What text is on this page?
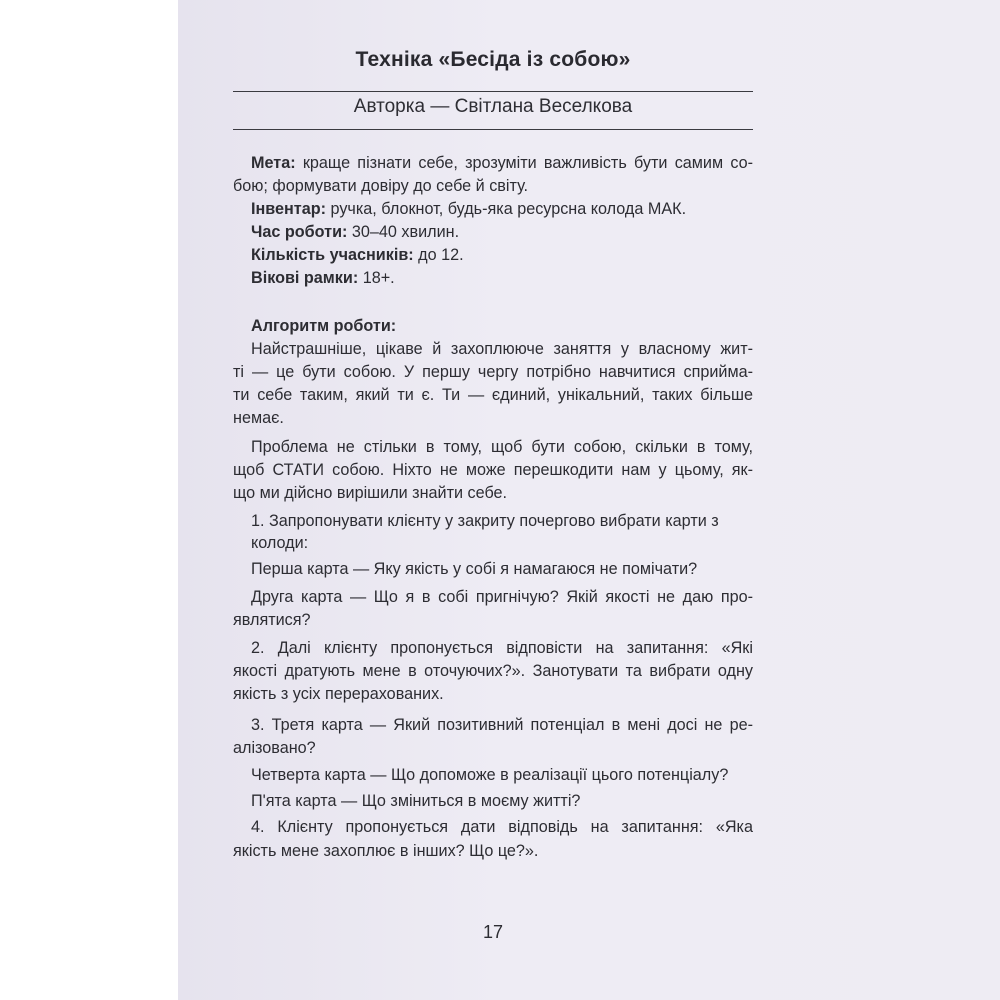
Техніка «Бесіда із собою»
Авторка — Світлана Веселкова
Мета: краще пізнати себе, зрозуміти важливість бути самим со-
бою; формувати довіру до себе й світу.
Інвентар: ручка, блокнот, будь-яка ресурсна колода МАК.
Час роботи: 30–40 хвилин.
Кількість учасників: до 12.
Вікові рамки: 18+.
Алгоритм роботи:
Найстрашніше, цікаве й захоплююче заняття у власному жит-
ті — це бути собою. У першу чергу потрібно навчитися сприйма-
ти себе таким, який ти є. Ти — єдиний, унікальний, таких більше
немає.
Проблема не стільки в тому, щоб бути собою, скільки в тому,
щоб СТАТИ собою. Ніхто не може перешкодити нам у цьому, як-
що ми дійсно вирішили знайти себе.
1. Запропонувати клієнту у закриту почергово вибрати карти з колоди:
Перша карта — Яку якість у собі я намагаюся не помічати?
Друга карта — Що я в собі пригнічую? Якій якості не даю про-
являтися?
2. Далі клієнту пропонується відповісти на запитання: «Які
якості дратують мене в оточуючих?». Занотувати та вибрати одну
якість з усіх перерахованих.
3. Третя карта — Який позитивний потенціал в мені досі не ре-
алізовано?
Четверта карта — Що допоможе в реалізації цього потенціалу?
П'ята карта — Що зміниться в моєму житті?
4. Клієнту пропонується дати відповідь на запитання: «Яка
якість мене захоплює в інших? Що це?».
17
